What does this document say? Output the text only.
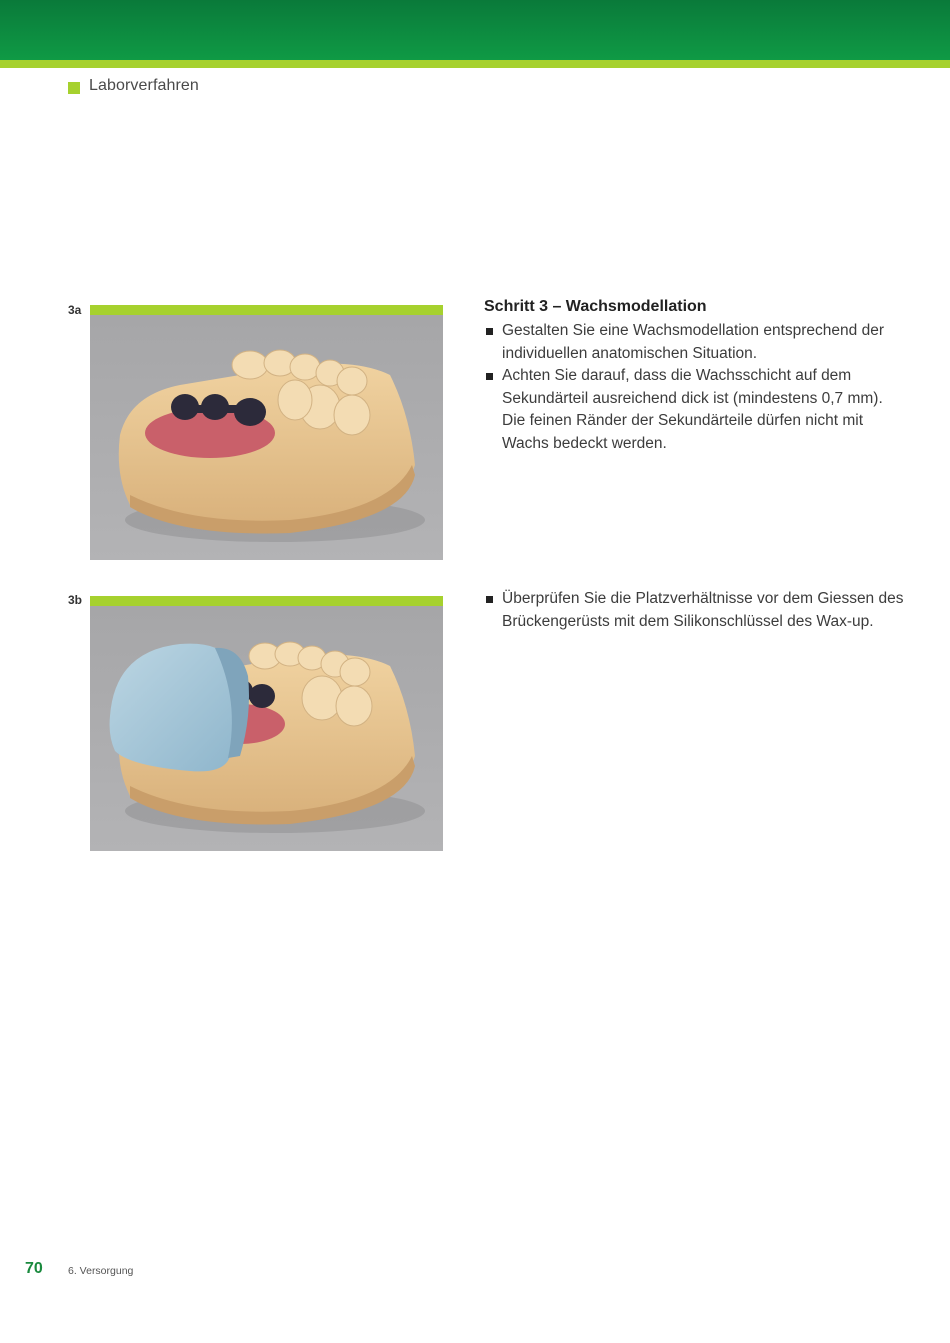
Laborverfahren
3a	Schritt 3 – Wachsmodellation
Gestalten Sie eine Wachsmodellation entsprechend der individuellen anatomischen Situation.
Achten Sie darauf, dass die Wachsschicht auf dem Sekundärteil ausreichend dick ist (mindestens 0,7 mm). Die feinen Ränder der Sekundärteile dürfen nicht mit Wachs bedeckt werden.
3b	Überprüfen Sie die Platzverhältnisse vor dem Giessen des Brückengerüsts mit dem Silikonschlüssel des Wax-up.
70 6. Versorgung
